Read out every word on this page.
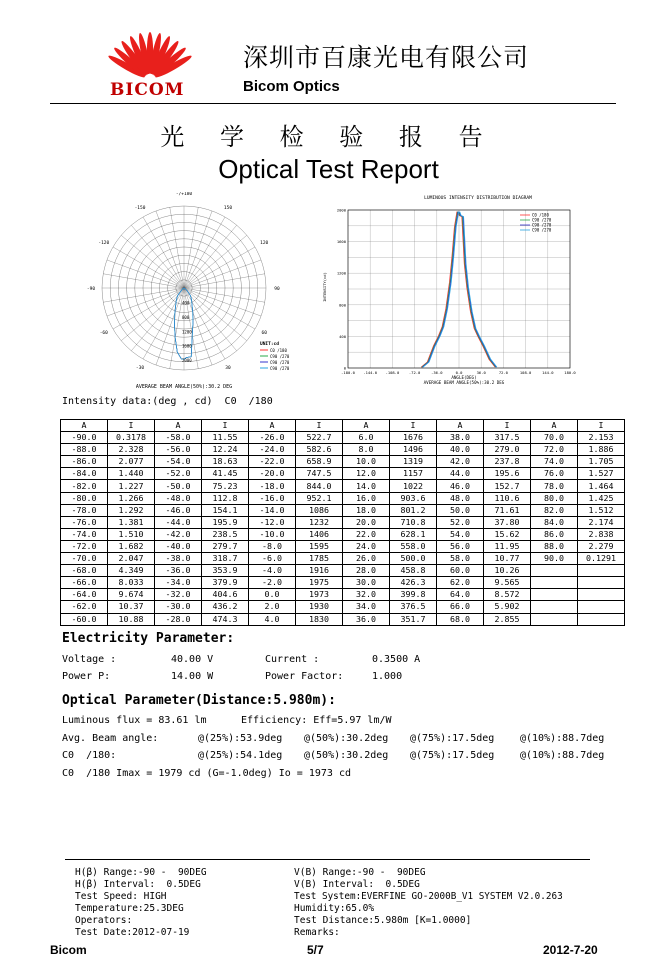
BICOM
深圳市百康光电有限公司
Bicom Optics
光 学 检 验 报 告
Optical Test Report
-/+180
-150	150
-120	120
-90	90
-60	60
-30	30
400
800
1200
1600
2000
UNIT:cd
C0 /180
C90 /270
C90 /270
C90 /270
AVERAGE BEAM ANGLE(50%):30.2 DEG
LUMINOUS INTENSITY DISTRIBUTION DIAGRAM
INTENSITY(cd)
-180.0 -144.0 -108.0	-72.0	-36.0	0.0	36.0	72.0	108.0	144.0	180.0
0
400
800
1200
1600
2000
ANGLE(DEG)
AVERAGE BEAM ANGLE(50%):30.2 DEG
C0 /180
C90 /270
C90 /270
C90 /270
Intensity data:(deg , cd)  C0  /180
A	I	A	I	A	I	A	I	A	I	A	I
-90.0	0.3178	-58.0	11.55	-26.0	522.7	6.0	1676	38.0	317.5	70.0	2.153
-88.0	2.328	-56.0	12.24	-24.0	582.6	8.0	1496	40.0	279.0	72.0	1.886
-86.0	2.077	-54.0	18.63	-22.0	658.9	10.0	1319	42.0	237.8	74.0	1.705
-84.0	1.440	-52.0	41.45	-20.0	747.5	12.0	1157	44.0	195.6	76.0	1.527
-82.0	1.227	-50.0	75.23	-18.0	844.0	14.0	1022	46.0	152.7	78.0	1.464
-80.0	1.266	-48.0	112.8	-16.0	952.1	16.0	903.6	48.0	110.6	80.0	1.425
-78.0	1.292	-46.0	154.1	-14.0	1086	18.0	801.2	50.0	71.61	82.0	1.512
-76.0	1.381	-44.0	195.9	-12.0	1232	20.0	710.8	52.0	37.80	84.0	2.174
-74.0	1.510	-42.0	238.5	-10.0	1406	22.0	628.1	54.0	15.62	86.0	2.838
-72.0	1.682	-40.0	279.7	-8.0	1595	24.0	558.0	56.0	11.95	88.0	2.279
-70.0	2.047	-38.0	318.7	-6.0	1785	26.0	500.0	58.0	10.77	90.0	0.1291
-68.0	4.349	-36.0	353.9	-4.0	1916	28.0	458.8	60.0	10.26		
-66.0	8.033	-34.0	379.9	-2.0	1975	30.0	426.3	62.0	9.565		
-64.0	9.674	-32.0	404.6	0.0	1973	32.0	399.8	64.0	8.572		
-62.0	10.37	-30.0	436.2	2.0	1930	34.0	376.5	66.0	5.902		
-60.0	10.88	-28.0	474.3	4.0	1830	36.0	351.7	68.0	2.855		
Electricity Parameter:
Voltage :	40.00 V	Current :	0.3500 A
Power P:	14.00 W	Power Factor:	1.000
Optical Parameter(Distance:5.980m):
Luminous flux = 83.61 lm	Efficiency: Eff=5.97 lm/W
Avg. Beam angle:	@(25%):53.9deg @(50%):30.2deg @(75%):17.5deg	@(10%):88.7deg
C0  /180:	@(25%):54.1deg @(50%):30.2deg @(75%):17.5deg	@(10%):88.7deg
C0  /180 Imax = 1979 cd (G=-1.0deg) Io = 1973 cd
H(β) Range:-90 -  90DEG
H(β) Interval:  0.5DEG
Test Speed: HIGH
Temperature:25.3DEG
Operators:
Test Date:2012-07-19
V(B) Range:-90 -  90DEG
V(B) Interval:  0.5DEG
Test System:EVERFINE GO-2000B_V1 SYSTEM V2.0.263
Humidity:65.0%
Test Distance:5.980m [K=1.0000]
Remarks:
Bicom	5/7	2012-7-20
